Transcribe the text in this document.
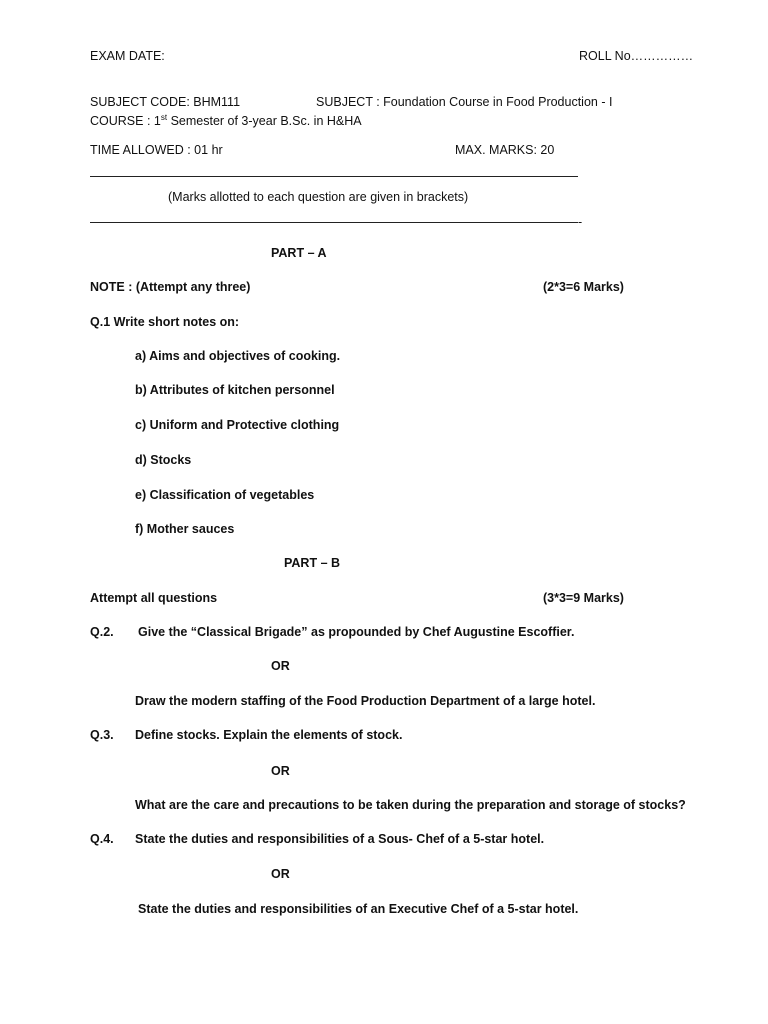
EXAM DATE:	ROLL No……………
SUBJECT CODE: BHM111	SUBJECT : Foundation Course in Food Production - I
COURSE : 1st Semester of 3-year B.Sc. in H&HA
TIME ALLOWED : 01 hr	MAX. MARKS: 20
(Marks allotted to each question are given in brackets)
-
PART – A
NOTE : (Attempt any three)	(2*3=6 Marks)
Q.1 Write short notes on:
a) Aims and objectives of cooking.
b) Attributes of kitchen personnel
c) Uniform and Protective clothing
d) Stocks
e) Classification of vegetables
f) Mother sauces
PART – B
Attempt all questions	(3*3=9 Marks)
Q.2. Give the “Classical Brigade” as propounded by Chef Augustine Escoffier.
OR
Draw the modern staffing of the Food Production Department of a large hotel.
Q.3. Define stocks. Explain the elements of stock.
OR
What are the care and precautions to be taken during the preparation and storage of stocks?
Q.4. State the duties and responsibilities of a Sous- Chef of a 5-star hotel.
OR
State the duties and responsibilities of an Executive Chef of a 5-star hotel.
